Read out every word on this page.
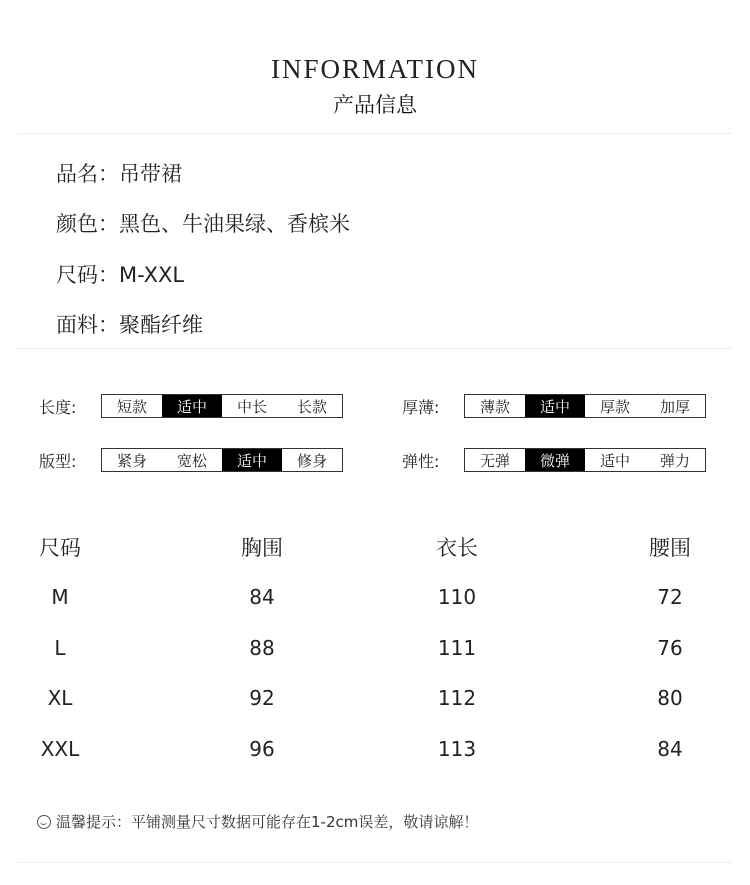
INFORMATION
产品信息
品名：吊带裙
颜色：黑色、牛油果绿、香槟米
尺码：M-XXL
面料：聚酯纤维
长度:	短款	适中	中长	长款	厚薄:	薄款	适中	厚款	加厚
版型:	紧身	宽松	适中	修身	弹性:	无弹	微弹	适中	弹力
尺码	胸围	衣长	腰围
M	84	110	72
L	88	111	76
XL	92	112	80
XXL	96	113	84
温馨提示：平铺测量尺寸数据可能存在1-2cm误差，敬请谅解！
